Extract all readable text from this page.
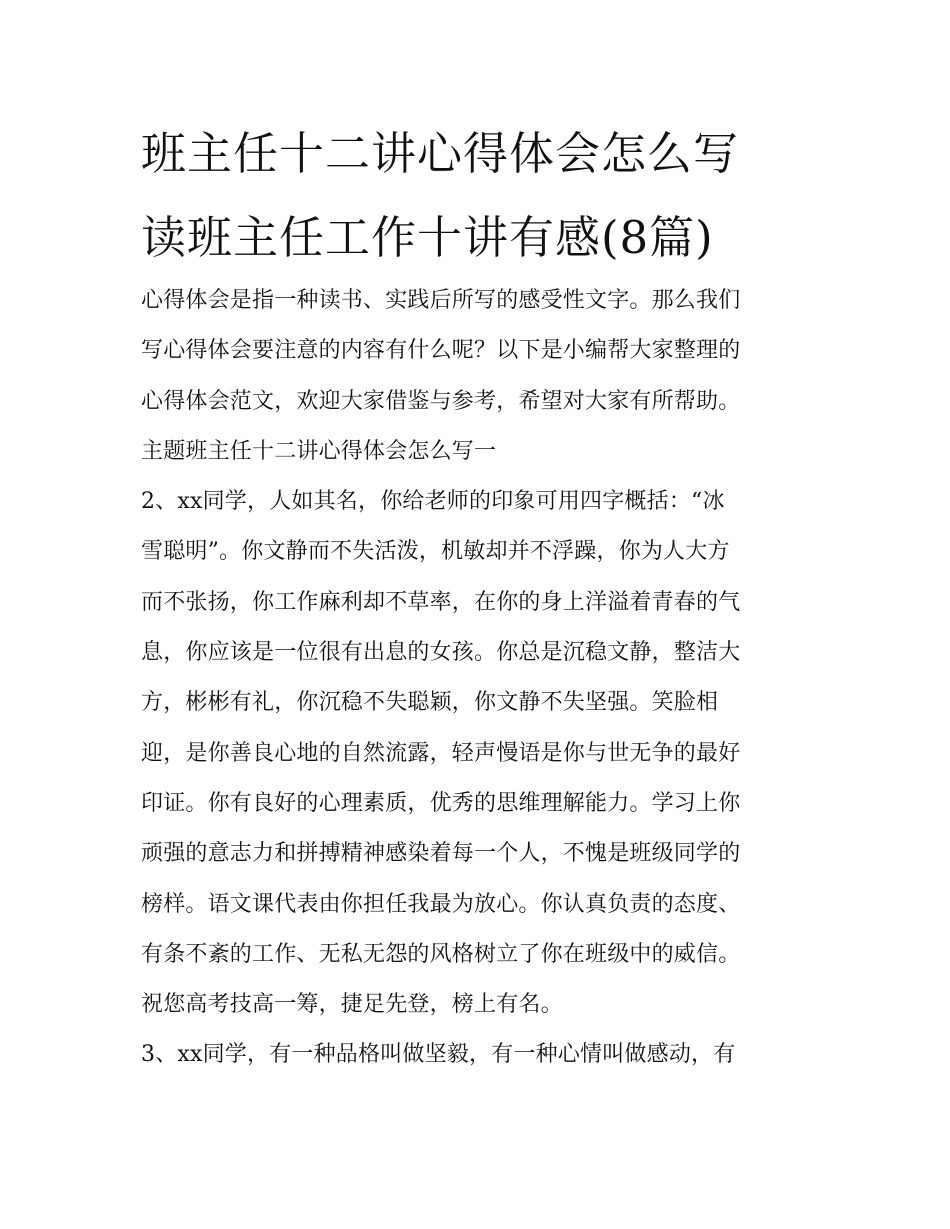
班主任十二讲心得体会怎么写
读班主任工作十讲有感(8篇)
心得体会是指一种读书、实践后所写的感受性文字。那么我们
写心得体会要注意的内容有什么呢？以下是小编帮大家整理的
心得体会范文，欢迎大家借鉴与参考，希望对大家有所帮助。
主题班主任十二讲心得体会怎么写一
2、xx同学，人如其名，你给老师的印象可用四字概括：“冰
雪聪明”。你文静而不失活泼，机敏却并不浮躁，你为人大方
而不张扬，你工作麻利却不草率，在你的身上洋溢着青春的气
息，你应该是一位很有出息的女孩。你总是沉稳文静，整洁大
方，彬彬有礼，你沉稳不失聪颖，你文静不失坚强。笑脸相
迎，是你善良心地的自然流露，轻声慢语是你与世无争的最好
印证。你有良好的心理素质，优秀的思维理解能力。学习上你
顽强的意志力和拼搏精神感染着每一个人，不愧是班级同学的
榜样。语文课代表由你担任我最为放心。你认真负责的态度、
有条不紊的工作、无私无怨的风格树立了你在班级中的威信。
祝您高考技高一筹，捷足先登，榜上有名。
3、xx同学，有一种品格叫做坚毅，有一种心情叫做感动，有
